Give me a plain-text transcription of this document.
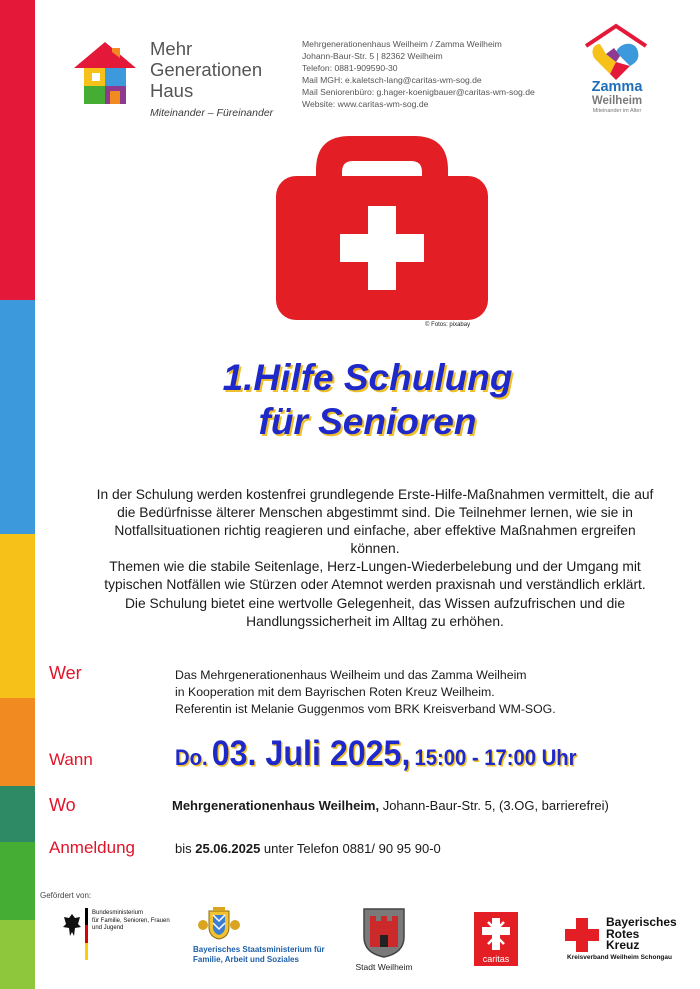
Mehr
Generationen
Haus
Miteinander – Füreinander
Mehrgenerationenhaus Weilheim / Zamma Weilheim
Johann-Baur-Str. 5 | 82362 Weilheim
Telefon: 0881-909590-30
Mail MGH: e.kaletsch-lang@caritas-wm-sog.de
Mail Seniorenbüro: g.hager-koenigbauer@caritas-wm-sog.de
Website: www.caritas-wm-sog.de
Zamma
Weilheim
Miteinander im Alter
© Fotos: pixabay
1.Hilfe Schulung
für Senioren
In der Schulung werden kostenfrei grundlegende Erste-Hilfe-Maßnahmen vermittelt, die auf
die Bedürfnisse älterer Menschen abgestimmt sind. Die Teilnehmer lernen, wie sie in
Notfallsituationen richtig reagieren und einfache, aber effektive Maßnahmen ergreifen
können.
Themen wie die stabile Seitenlage, Herz-Lungen-Wiederbelebung und der Umgang mit
typischen Notfällen wie Stürzen oder Atemnot werden praxisnah und verständlich erklärt.
Die Schulung bietet eine wertvolle Gelegenheit, das Wissen aufzufrischen und die
Handlungssicherheit im Alltag zu erhöhen.
Wer	Das Mehrgenerationenhaus Weilheim und das Zamma Weilheim
in Kooperation mit dem Bayrischen Roten Kreuz Weilheim.
Referentin ist Melanie Guggenmos vom BRK Kreisverband WM-SOG.
Wann	Do. 03. Juli 2025, 15:00 - 17:00 Uhr
Wo	Mehrgenerationenhaus Weilheim, Johann-Baur-Str. 5, (3.OG, barrierefrei)
Anmeldung	bis 25.06.2025 unter Telefon 0881/ 90 95 90-0
Gefördert von:
Bundesministerium
für Familie, Senioren, Frauen
und Jugend
Bayerisches Staatsministerium für
Familie, Arbeit und Soziales
Stadt Weilheim
caritas
Bayerisches
Rotes
Kreuz
Kreisverband Weilheim Schongau
